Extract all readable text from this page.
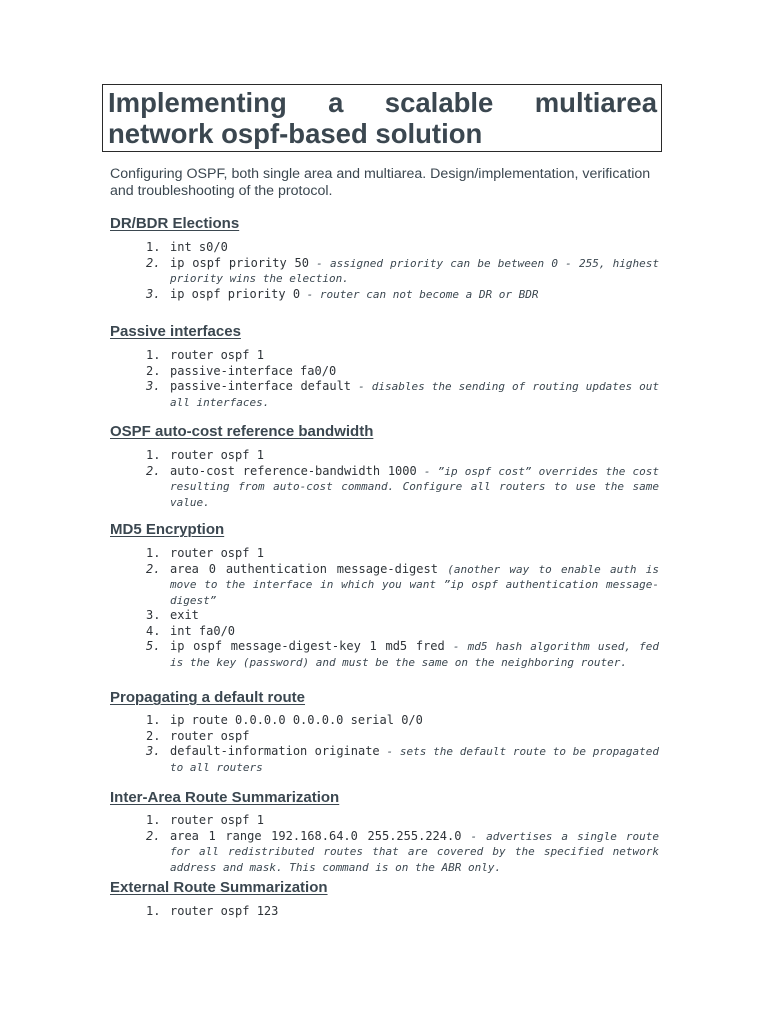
Implementing a scalable multiarea network ospf-based solution

Configuring OSPF, both single area and multiarea. Design/implementation, verification and troubleshooting of the protocol.

DR/BDR Elections
1. int s0/0
2. ip ospf priority 50 - assigned priority can be between 0 - 255, highest priority wins the election.
3. ip ospf priority 0 - router can not become a DR or BDR
Passive interfaces
1. router ospf 1
2. passive-interface fa0/0
3. passive-interface default - disables the sending of routing updates out all interfaces.
OSPF auto-cost reference bandwidth
1. router ospf 1
2. auto-cost reference-bandwidth 1000 - ”ip ospf cost” overrides the cost resulting from auto-cost command. Configure all routers to use the same value.
MD5 Encryption
1. router ospf 1
2. area 0 authentication message-digest (another way to enable auth is move to the interface in which you want ”ip ospf authentication message-digest”
3. exit
4. int fa0/0
5. ip ospf message-digest-key 1 md5 fred - md5 hash algorithm used, fed is the key (password) and must be the same on the neighboring router.
Propagating a default route
1. ip route 0.0.0.0 0.0.0.0 serial 0/0
2. router ospf
3. default-information originate - sets the default route to be propagated to all routers
Inter-Area Route Summarization
1. router ospf 1
2. area 1 range 192.168.64.0 255.255.224.0 - advertises a single route for all redistributed routes that are covered by the specified network address and mask. This command is on the ABR only.
External Route Summarization
1. router ospf 123
